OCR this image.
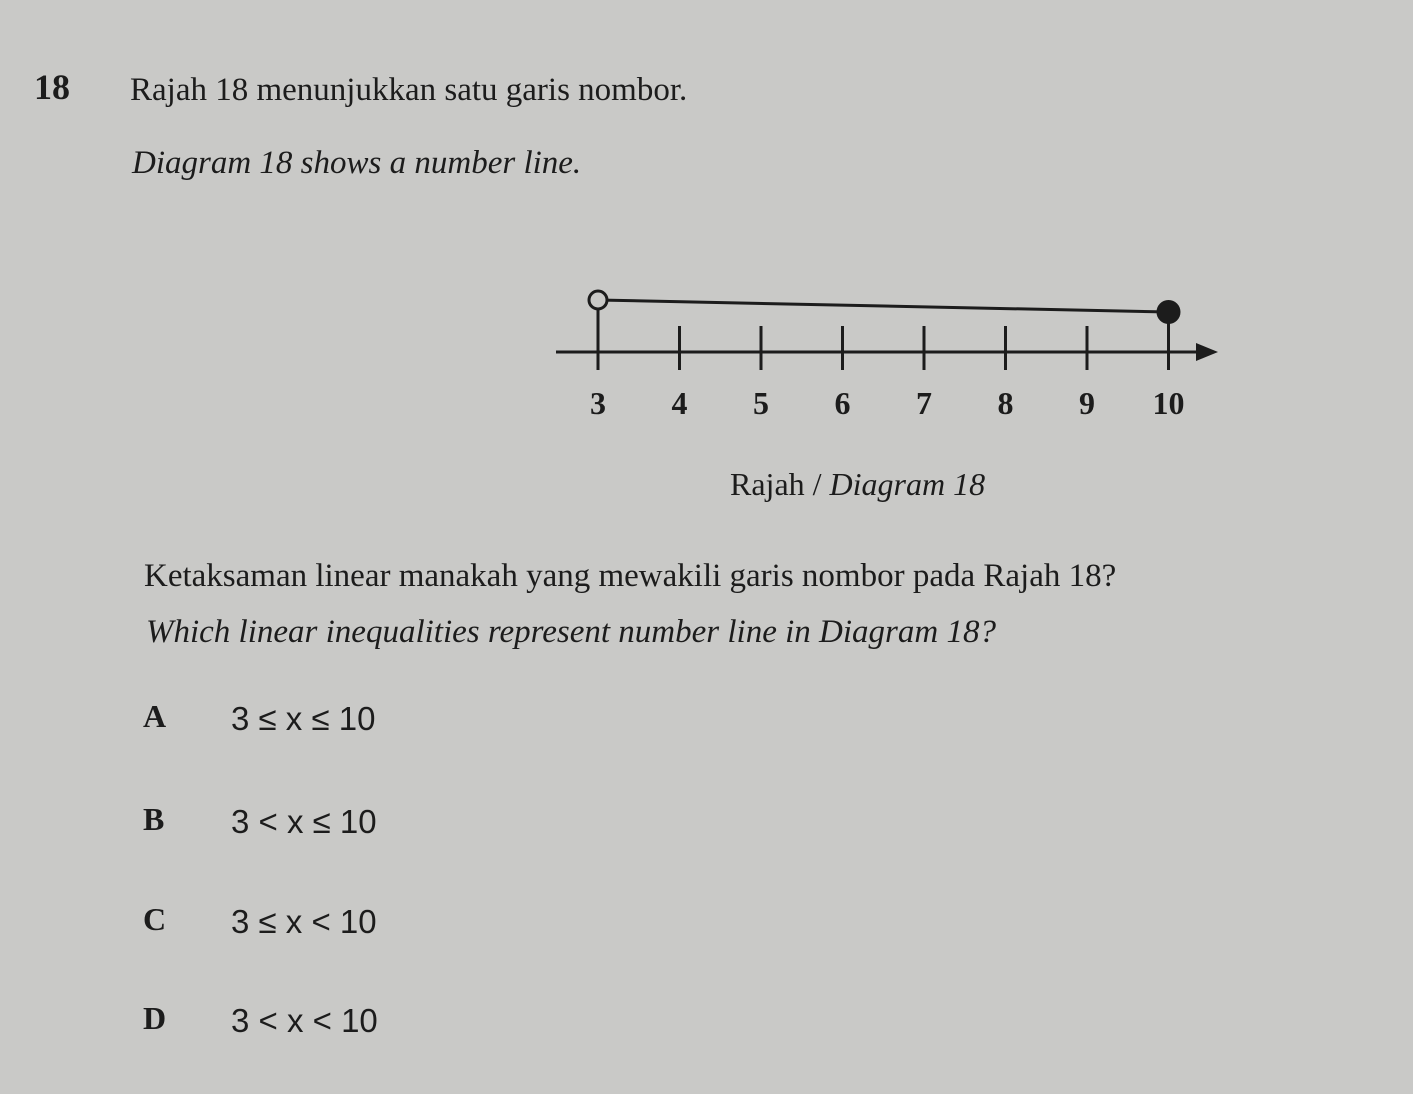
18 Rajah 18 menunjukkan satu garis nombor.
Diagram 18 shows a number line.
3 4 5 6 7 8 9 10
Rajah / Diagram 18
Ketaksaman linear manakah yang mewakili garis nombor pada Rajah 18?
Which linear inequalities represent number line in Diagram 18?
A 3 ≤ x ≤ 10
B 3 < x ≤ 10
C 3 ≤ x < 10
D 3 < x < 10
